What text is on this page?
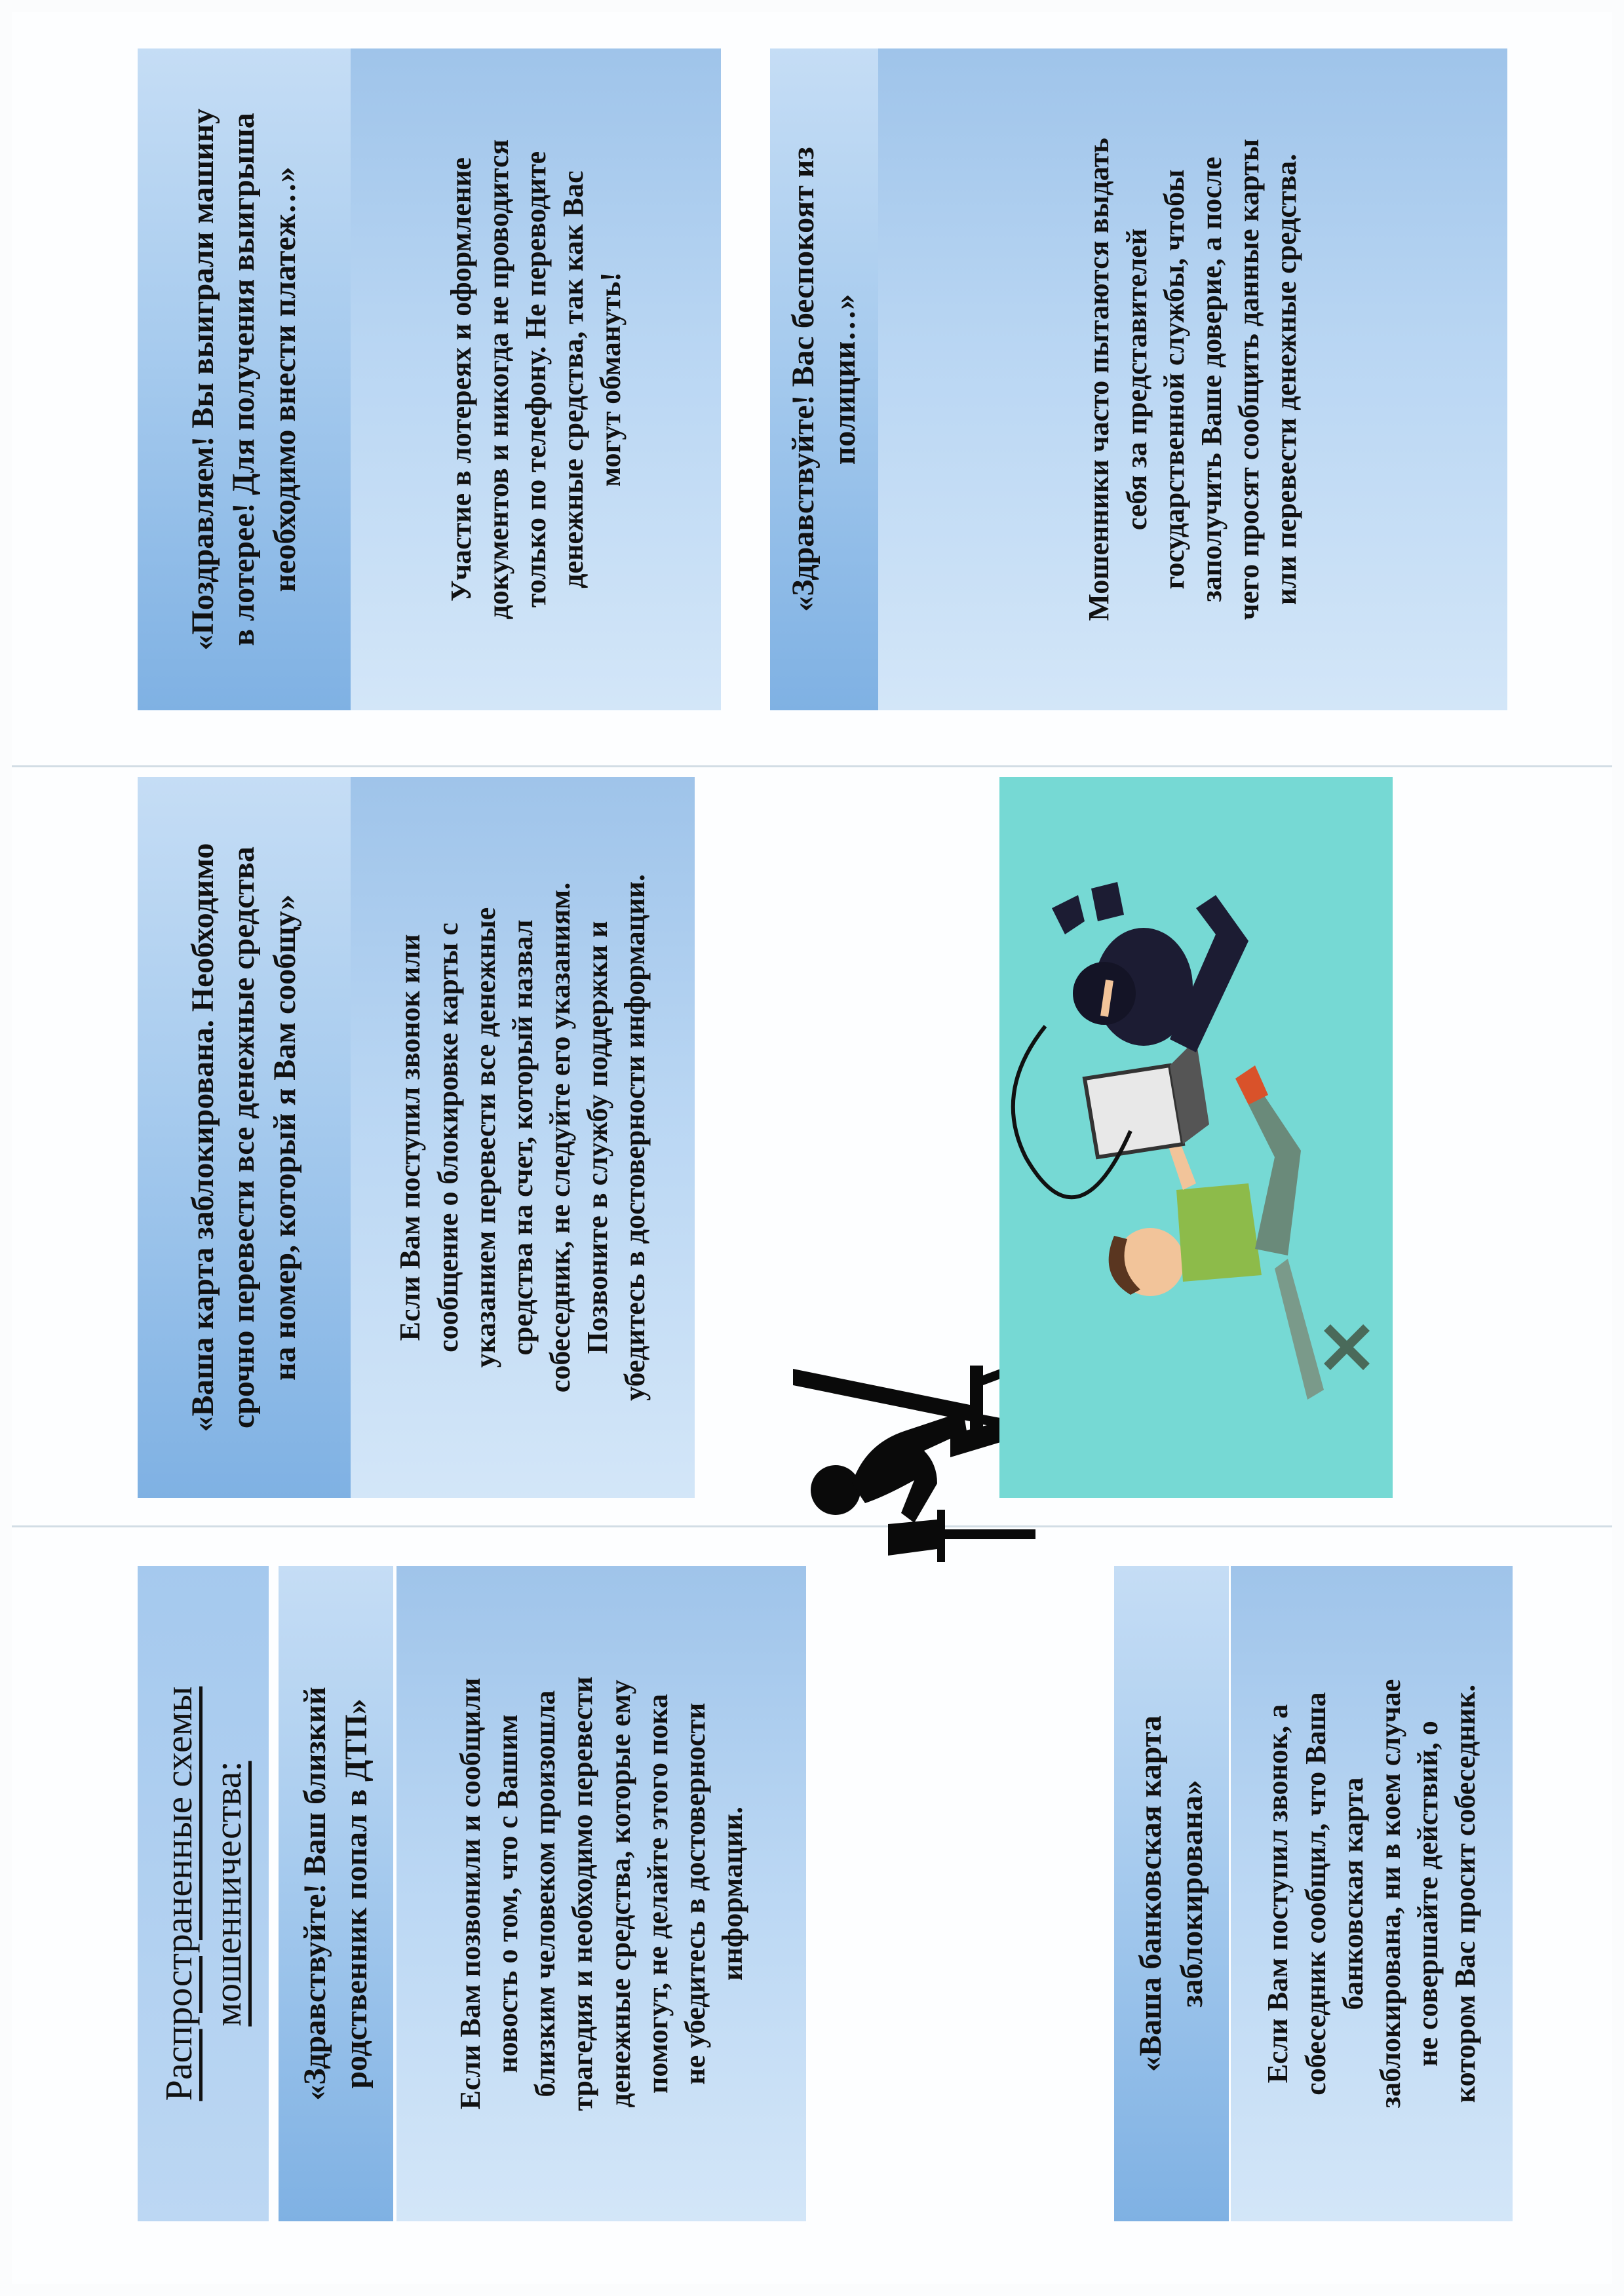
Распространенные схемы
мошенничества: «Здравствуйте! Ваш близкий
родственник попал в ДТП»
Если Вам позвонили и сообщили
новость о том, что с Вашим
близким человеком произошла
трагедия и необходимо перевести
денежные средства, которые ему
помогут, не делайте этого пока
не убедитесь в достоверности
информации.
«Ваша банковская карта
заблокирована»
Если Вам поступил звонок, а
собеседник сообщил, что Ваша
банковская карта
заблокирована, ни в коем случае
не совершайте действий, о
котором Вас просит собеседник.
«Ваша карта заблокирована. Необходимо
срочно перевести все денежные средства
на номер, который я Вам сообщу»
Если Вам поступил звонок или
сообщение о блокировке карты с
указанием перевести все денежные
средства на счет, который назвал
собеседник, не следуйте его указаниям.
Позвоните в службу поддержки и
убедитесь в достоверности информации.
«Поздравляем! Вы выиграли машину
в лотерее! Для получения выигрыша
необходимо внести платеж…»
Участие в лотереях и оформление
документов и никогда не проводится
только по телефону. Не переводите
денежные средства, так как Вас
могут обмануть!
«Здравствуйте! Вас беспокоят из
полиции…»
Мошенники часто пытаются выдать
себя за представителей
государственной службы, чтобы
заполучить Ваше доверие, а после
чего просят сообщить данные карты
или перевести денежные средства.
